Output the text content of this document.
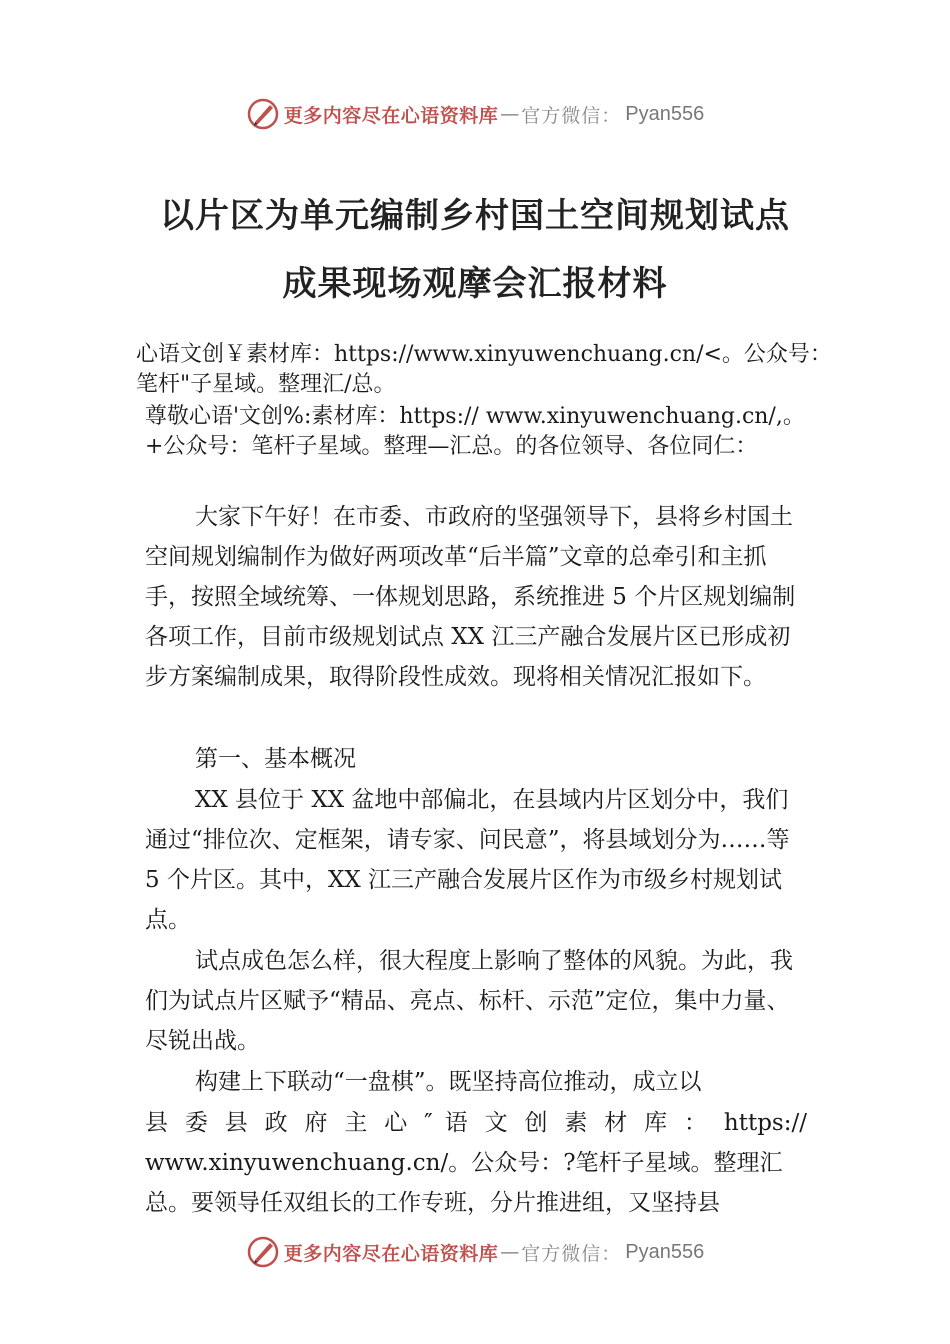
更多内容尽在心语资料库 — 官方微信： Pyan556
以片区为单元编制乡村国土空间规划试点
成果现场观摩会汇报材料

心语文创￥素材库：https://www.xinyuwenchuang.cn/<。公众号：笔杆"子星域。整理汇/总。

尊敬心语'文创%:素材库：https:// www.xinyuwenchuang.cn/,。+公众号：笔杆子星域。整理—汇总。的各位领导、各位同仁：

大家下午好！在市委、市政府的坚强领导下，县将乡村国土空间规划编制作为做好两项改革“后半篇”文章的总牵引和主抓手，按照全域统筹、一体规划思路，系统推进 5 个片区规划编制各项工作，目前市级规划试点 XX 江三产融合发展片区已形成初步方案编制成果，取得阶段性成效。现将相关情况汇报如下。

第一、基本概况

XX 县位于 XX 盆地中部偏北，在县域内片区划分中，我们通过“排位次、定框架，请专家、问民意”，将县域划分为……等 5 个片区。其中，XX 江三产融合发展片区作为市级乡村规划试点。

试点成色怎么样，很大程度上影响了整体的风貌。为此，我们为试点片区赋予“精品、亮点、标杆、示范”定位，集中力量、尽锐出战。

构建上下联动“一盘棋”。既坚持高位推动，成立以

县 委 县 政 府 主 心 ″ 语 文 创 素 材 库 ： https://

www.xinyuwenchuang.cn/。公众号：?笔杆子星域。整理汇总。要领导任双组长的工作专班，分片推进组，又坚持县

更多内容尽在心语资料库 — 官方微信： Pyan556
